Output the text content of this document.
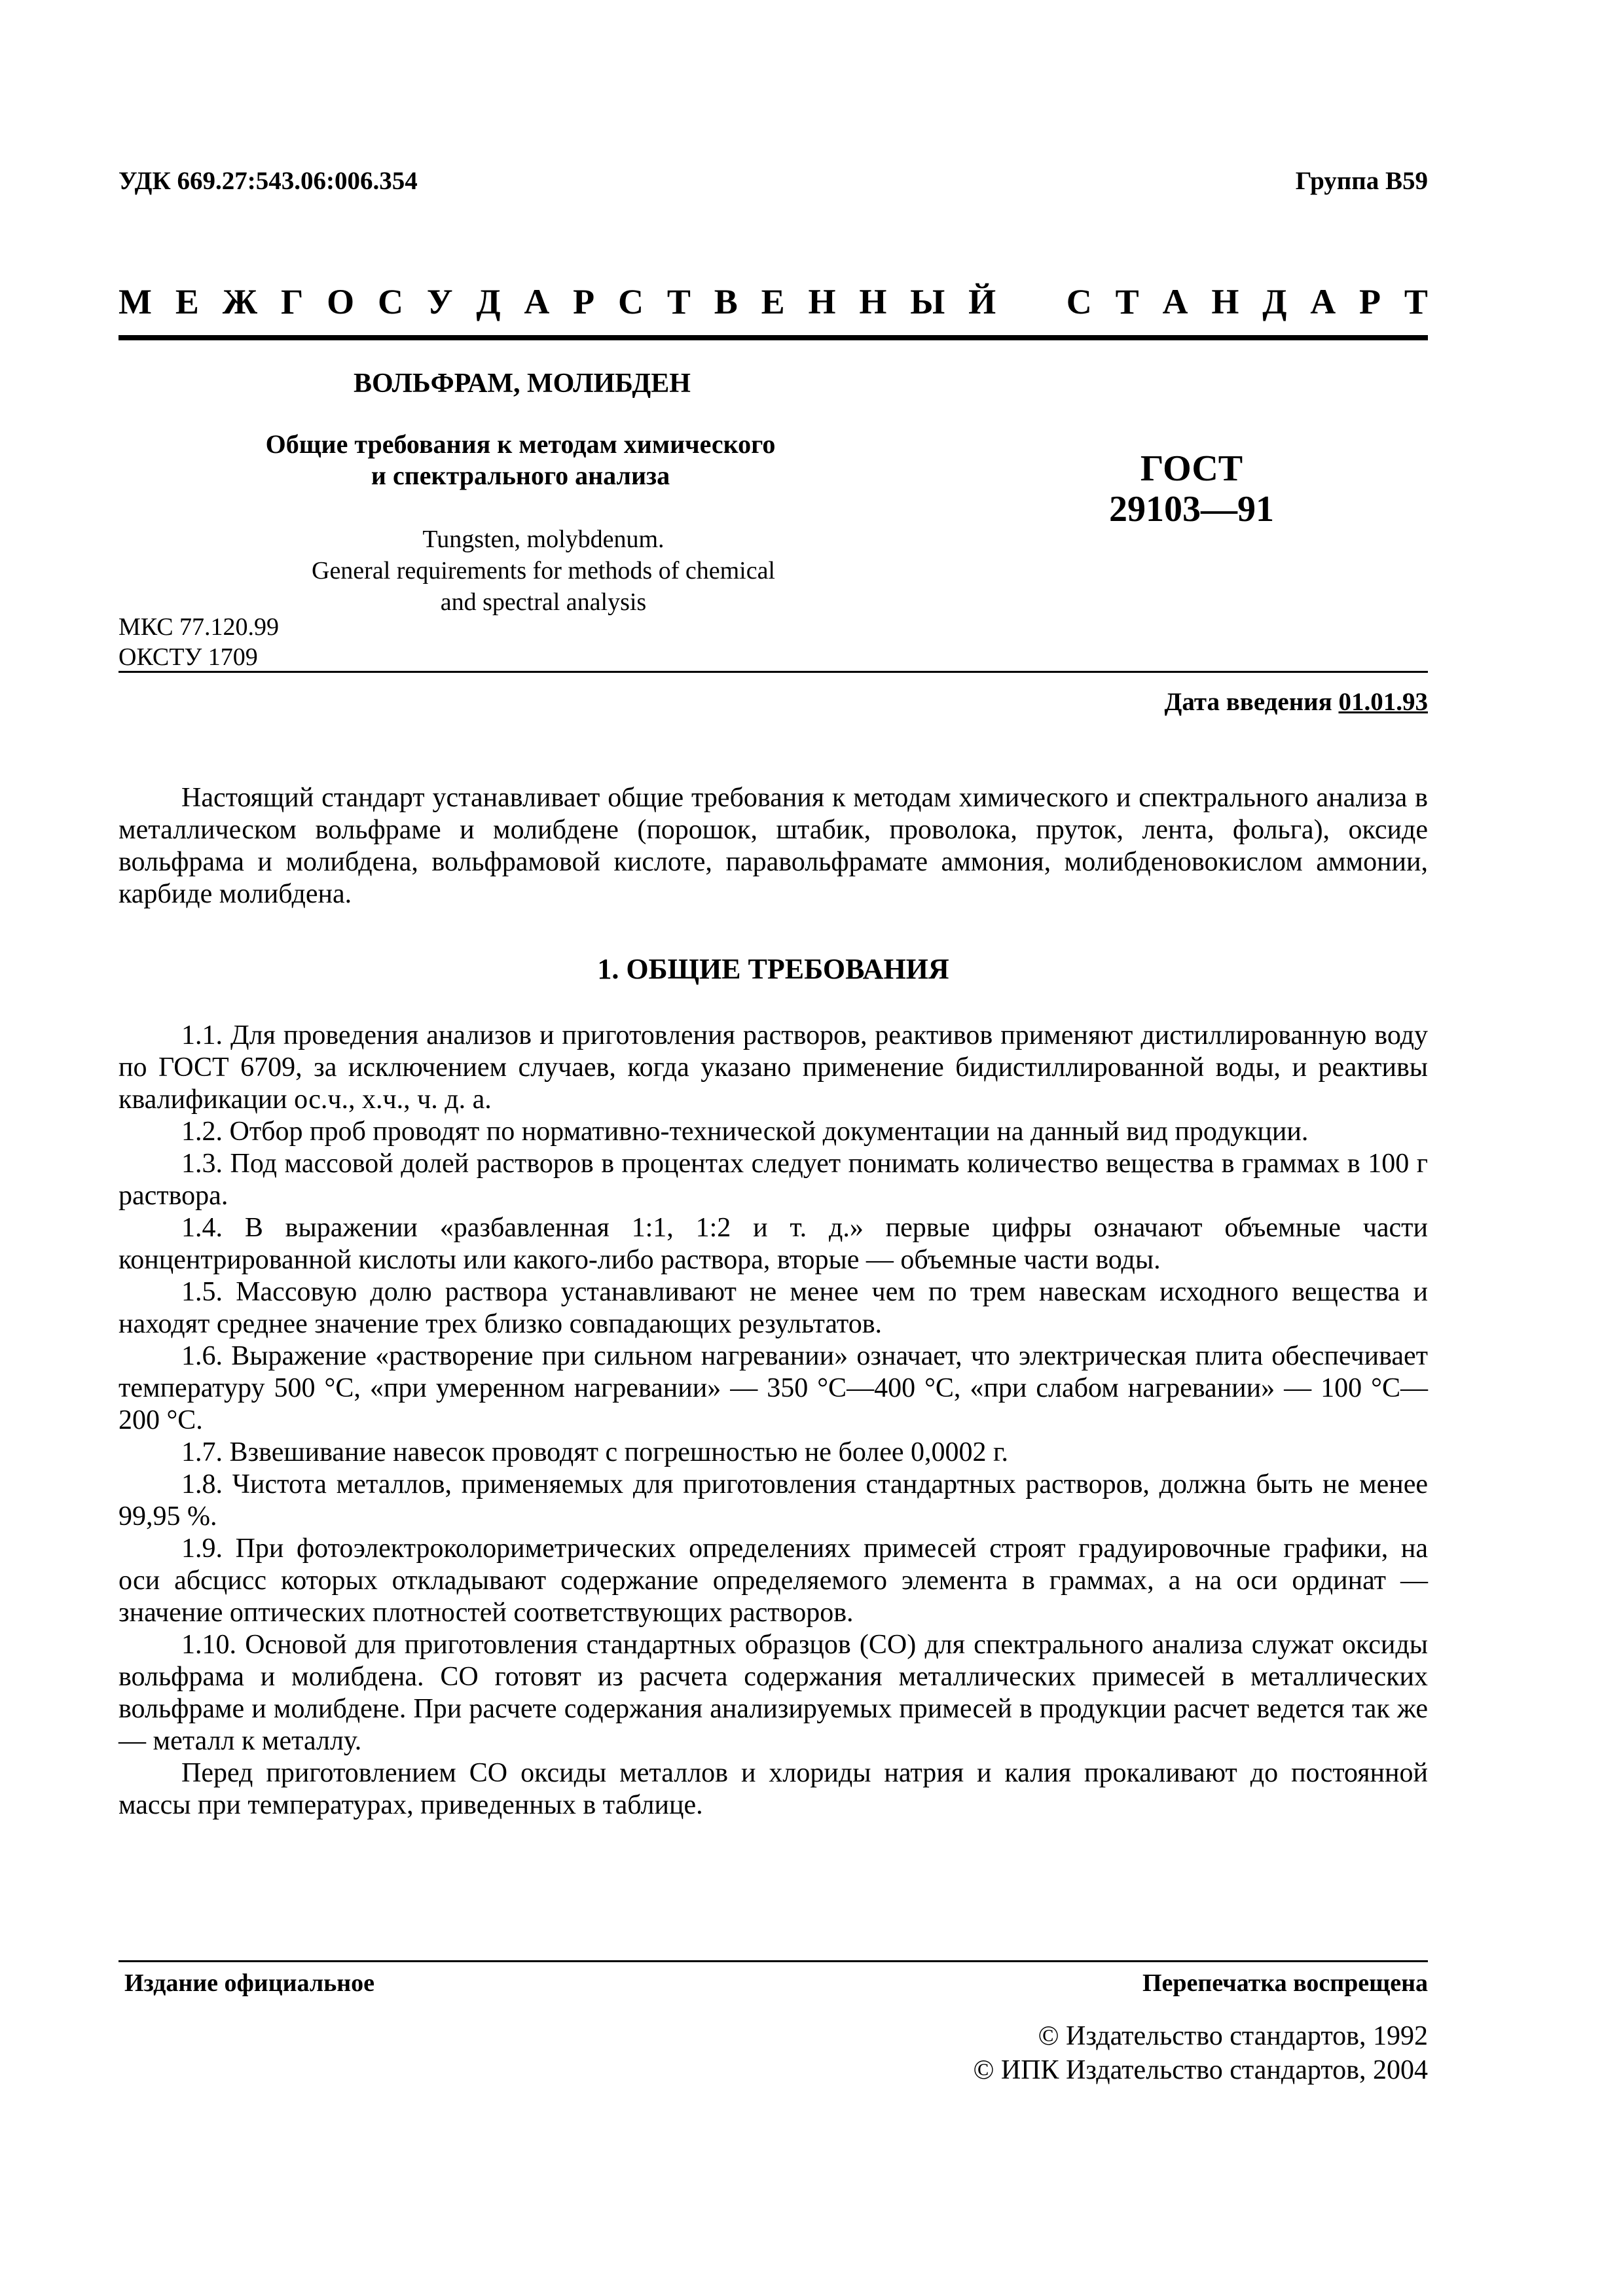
УДК 669.27:543.06:006.354	Группа В59
М Е Ж Г О С У Д А Р С Т В Е Н Н Ы Й С Т А Н Д А Р Т
ВОЛЬФРАМ, МОЛИБДЕН
Общие требования к методам химического
и спектрального анализа
Tungsten, molybdenum.
General requirements for methods of chemical
and spectral analysis
ГОСТ
29103—91
МКС 77.120.99
ОКСТУ 1709
Дата введения 01.01.93

Настоящий стандарт устанавливает общие требования к методам химического и спектрального анализа в металлическом вольфраме и молибдене (порошок, штабик, проволока, пруток, лента, фольга), оксиде вольфрама и молибдена, вольфрамовой кислоте, паравольфрамате аммония, молибденовокислом аммонии, карбиде молибдена.

1. ОБЩИЕ ТРЕБОВАНИЯ

1.1. Для проведения анализов и приготовления растворов, реактивов применяют дистиллированную воду по ГОСТ 6709, за исключением случаев, когда указано применение бидистиллированной воды, и реактивы квалификации ос.ч., х.ч., ч. д. а.

1.2. Отбор проб проводят по нормативно-технической документации на данный вид продукции.

1.3. Под массовой долей растворов в процентах следует понимать количество вещества в граммах в 100 г раствора.

1.4. В выражении «разбавленная 1:1, 1:2 и т. д.» первые цифры означают объемные части концентрированной кислоты или какого-либо раствора, вторые — объемные части воды.

1.5. Массовую долю раствора устанавливают не менее чем по трем навескам исходного вещества и находят среднее значение трех близко совпадающих результатов.

1.6. Выражение «растворение при сильном нагревании» означает, что электрическая плита обеспечивает температуру 500 °С, «при умеренном нагревании» — 350 °С—400 °С, «при слабом нагревании» — 100 °С—200 °С.

1.7. Взвешивание навесок проводят с погрешностью не более 0,0002 г.

1.8. Чистота металлов, применяемых для приготовления стандартных растворов, должна быть не менее 99,95 %.

1.9. При фотоэлектроколориметрических определениях примесей строят градуировочные графики, на оси абсцисс которых откладывают содержание определяемого элемента в граммах, а на оси ординат — значение оптических плотностей соответствующих растворов.

1.10. Основой для приготовления стандартных образцов (СО) для спектрального анализа служат оксиды вольфрама и молибдена. СО готовят из расчета содержания металлических примесей в металлических вольфраме и молибдене. При расчете содержания анализируемых примесей в продукции расчет ведется так же — металл к металлу.

Перед приготовлением СО оксиды металлов и хлориды натрия и калия прокаливают до постоянной массы при температурах, приведенных в таблице.

Издание официальное	Перепечатка воспрещена
© Издательство стандартов, 1992
© ИПК Издательство стандартов, 2004
